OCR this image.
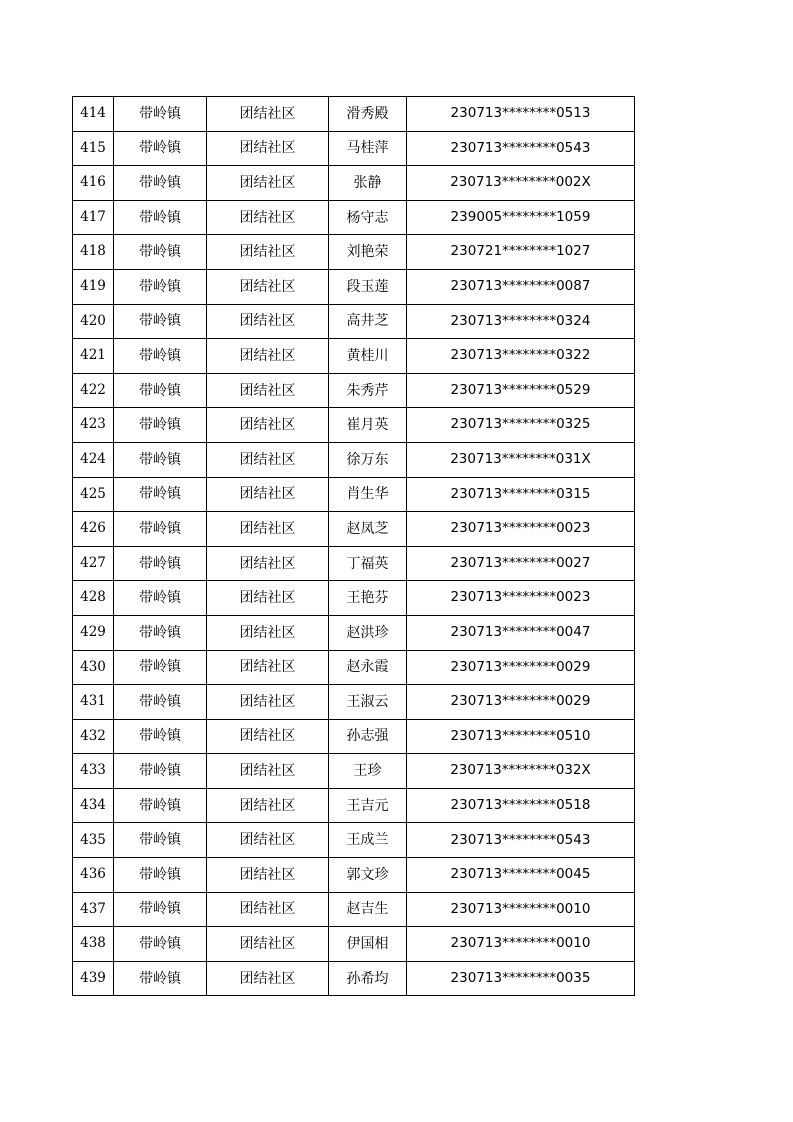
414	带岭镇	团结社区	滑秀殿	230713********0513
415	带岭镇	团结社区	马桂萍	230713********0543
416	带岭镇	团结社区	张静	230713********002X
417	带岭镇	团结社区	杨守志	239005********1059
418	带岭镇	团结社区	刘艳荣	230721********1027
419	带岭镇	团结社区	段玉莲	230713********0087
420	带岭镇	团结社区	高井芝	230713********0324
421	带岭镇	团结社区	黄桂川	230713********0322
422	带岭镇	团结社区	朱秀芹	230713********0529
423	带岭镇	团结社区	崔月英	230713********0325
424	带岭镇	团结社区	徐万东	230713********031X
425	带岭镇	团结社区	肖生华	230713********0315
426	带岭镇	团结社区	赵凤芝	230713********0023
427	带岭镇	团结社区	丁福英	230713********0027
428	带岭镇	团结社区	王艳芬	230713********0023
429	带岭镇	团结社区	赵洪珍	230713********0047
430	带岭镇	团结社区	赵永霞	230713********0029
431	带岭镇	团结社区	王淑云	230713********0029
432	带岭镇	团结社区	孙志强	230713********0510
433	带岭镇	团结社区	王珍	230713********032X
434	带岭镇	团结社区	王吉元	230713********0518
435	带岭镇	团结社区	王成兰	230713********0543
436	带岭镇	团结社区	郭文珍	230713********0045
437	带岭镇	团结社区	赵吉生	230713********0010
438	带岭镇	团结社区	伊国相	230713********0010
439	带岭镇	团结社区	孙希均	230713********0035
